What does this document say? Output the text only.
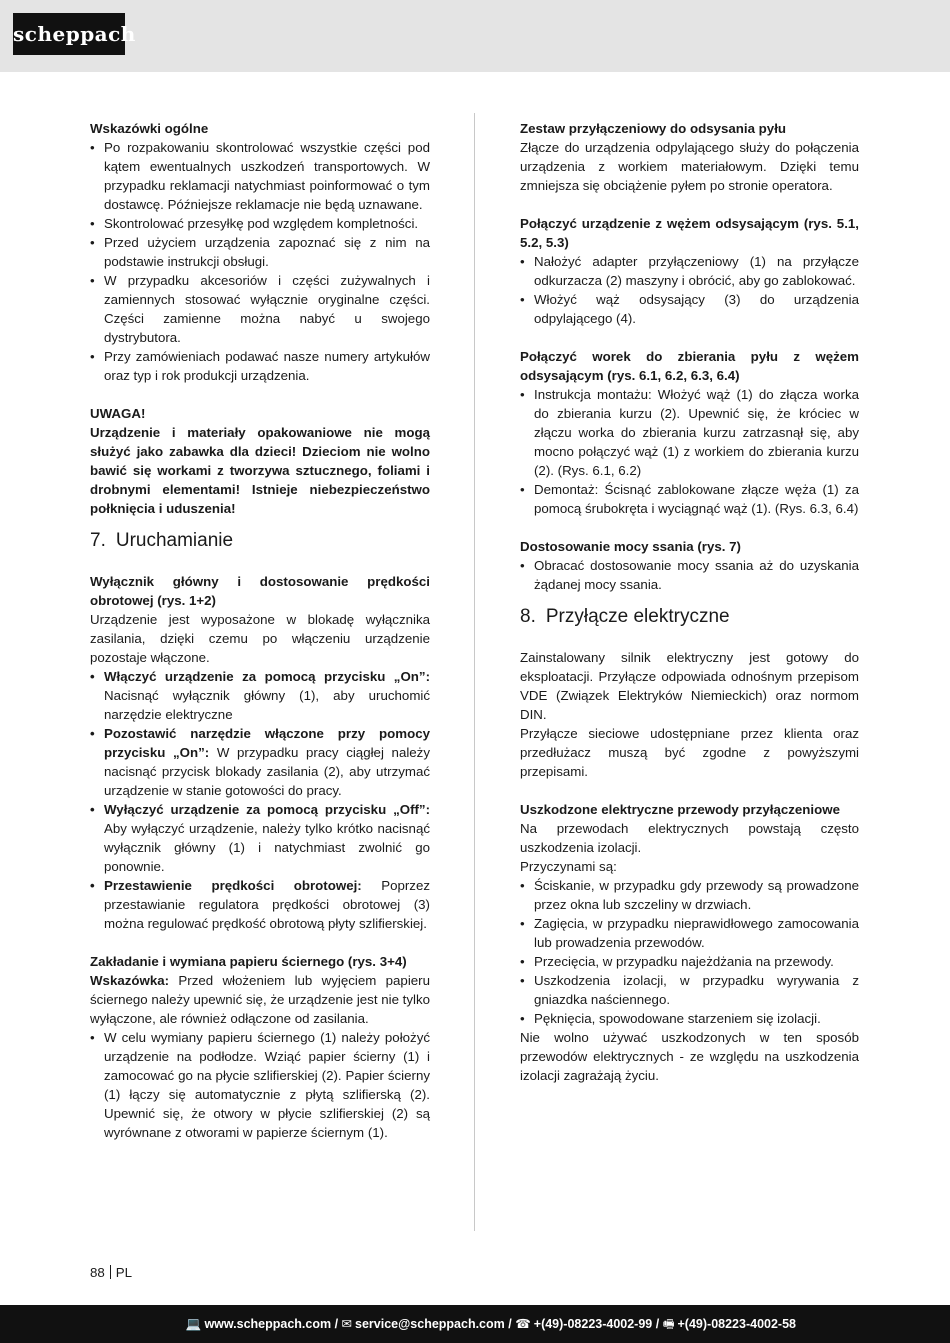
scheppach

Wskazówki ogólne

• Po rozpakowaniu skontrolować wszystkie części pod kątem ewentualnych uszkodzeń transportowych. W przypadku reklamacji natychmiast poinformować o tym dostawcę. Późniejsze reklamacje nie będą uznawane.
• Skontrolować przesyłkę pod względem kompletności.
• Przed użyciem urządzenia zapoznać się z nim na podstawie instrukcji obsługi.
• W przypadku akcesoriów i części zużywalnych i zamiennych stosować wyłącznie oryginalne części. Części zamienne można nabyć u swojego dystrybutora.
• Przy zamówieniach podawać nasze numery artykułów oraz typ i rok produkcji urządzenia.

UWAGA!

Urządzenie i materiały opakowaniowe nie mogą służyć jako zabawka dla dzieci! Dzieciom nie wolno bawić się workami z tworzywa sztucznego, foliami i drobnymi elementami! Istnieje niebezpieczeństwo połknięcia i uduszenia!

7. Uruchamianie

Wyłącznik główny i dostosowanie prędkości obrotowej (rys. 1+2)

Urządzenie jest wyposażone w blokadę wyłącznika zasilania, dzięki czemu po włączeniu urządzenie pozostaje włączone.

• Włączyć urządzenie za pomocą przycisku „On”: Nacisnąć wyłącznik główny (1), aby uruchomić narzędzie elektryczne
• Pozostawić narzędzie włączone przy pomocy przycisku „On”: W przypadku pracy ciągłej należy nacisnąć przycisk blokady zasilania (2), aby utrzymać urządzenie w stanie gotowości do pracy.
• Wyłączyć urządzenie za pomocą przycisku „Off”: Aby wyłączyć urządzenie, należy tylko krótko nacisnąć wyłącznik główny (1) i natychmiast zwolnić go ponownie.
• Przestawienie prędkości obrotowej: Poprzez przestawianie regulatora prędkości obrotowej (3) można regulować prędkość obrotową płyty szlifierskiej.

Zakładanie i wymiana papieru ściernego (rys. 3+4)

Wskazówka: Przed włożeniem lub wyjęciem papieru ściernego należy upewnić się, że urządzenie jest nie tylko wyłączone, ale również odłączone od zasilania.

• W celu wymiany papieru ściernego (1) należy położyć urządzenie na podłodze. Wziąć papier ścierny (1) i zamocować go na płycie szlifierskiej (2). Papier ścierny (1) łączy się automatycznie z płytą szlifierską (2). Upewnić się, że otwory w płycie szlifierskiej (2) są wyrównane z otworami w papierze ściernym (1).

Zestaw przyłączeniowy do odsysania pyłu

Złącze do urządzenia odpylającego służy do połączenia urządzenia z workiem materiałowym. Dzięki temu zmniejsza się obciążenie pyłem po stronie operatora.

Połączyć urządzenie z wężem odsysającym (rys. 5.1, 5.2, 5.3)

• Nałożyć adapter przyłączeniowy (1) na przyłącze odkurzacza (2) maszyny i obrócić, aby go zablokować.
• Włożyć wąż odsysający (3) do urządzenia odpylającego (4).

Połączyć worek do zbierania pyłu z wężem odsysającym (rys. 6.1, 6.2, 6.3, 6.4)

• Instrukcja montażu: Włożyć wąż (1) do złącza worka do zbierania kurzu (2). Upewnić się, że króciec w złączu worka do zbierania kurzu zatrzasnął się, aby mocno połączyć wąż (1) z workiem do zbierania kurzu (2). (Rys. 6.1, 6.2)
• Demontaż: Ścisnąć zablokowane złącze węża (1) za pomocą śrubokręta i wyciągnąć wąż (1). (Rys. 6.3, 6.4)

Dostosowanie mocy ssania (rys. 7)

• Obracać dostosowanie mocy ssania aż do uzyskania żądanej mocy ssania.
8. Przyłącze elektryczne

Zainstalowany silnik elektryczny jest gotowy do eksploatacji. Przyłącze odpowiada odnośnym przepisom VDE (Związek Elektryków Niemieckich) oraz normom DIN.

Przyłącze sieciowe udostępniane przez klienta oraz przedłużacz muszą być zgodne z powyższymi przepisami.

Uszkodzone elektryczne przewody przyłączeniowe

Na przewodach elektrycznych powstają często uszkodzenia izolacji.

Przyczynami są:

• Ściskanie, w przypadku gdy przewody są prowadzone przez okna lub szczeliny w drzwiach.
• Zagięcia, w przypadku nieprawidłowego zamocowania lub prowadzenia przewodów.
• Przecięcia, w przypadku najeżdżania na przewody.
• Uszkodzenia izolacji, w przypadku wyrywania z gniazdka naściennego.
• Pęknięcia, spowodowane starzeniem się izolacji.

Nie wolno używać uszkodzonych w ten sposób przewodów elektrycznych - ze względu na uszkodzenia izolacji zagrażają życiu.

88 PL
💻 www.scheppach.com / ✉ service@scheppach.com / ☎ +(49)-08223-4002-99 / 🖷 +(49)-08223-4002-58
